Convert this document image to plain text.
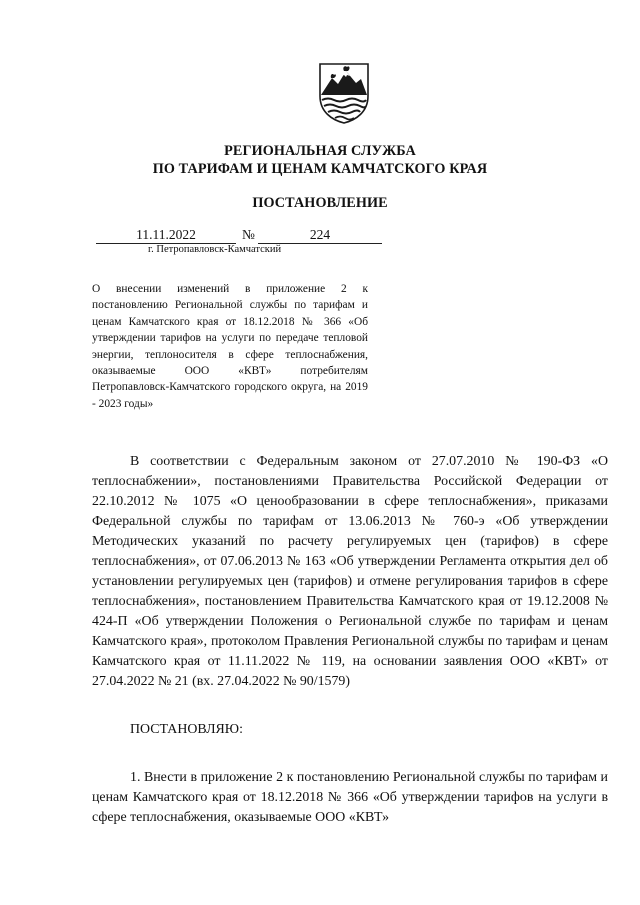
РЕГИОНАЛЬНАЯ СЛУЖБА
ПО ТАРИФАМ И ЦЕНАМ КАМЧАТСКОГО КРАЯ
ПОСТАНОВЛЕНИЕ
11.11.2022	№	224
г. Петропавловск-Камчатский
О внесении изменений в приложение 2 к постановлению Региональной службы по тарифам и ценам Камчатского края от 18.12.2018 № 366 «Об утверждении тарифов на услуги по передаче тепловой энергии, теплоносителя в сфере теплоснабжения, оказываемые ООО «КВТ» потребителям Петропавловск-Камчатского городского округа, на 2019 - 2023 годы»
В соответствии с Федеральным законом от 27.07.2010 № 190-ФЗ «О теплоснабжении», постановлениями Правительства Российской Федерации от 22.10.2012 № 1075 «О ценообразовании в сфере теплоснабжения», приказами Федеральной службы по тарифам от 13.06.2013 № 760-э «Об утверждении Методических указаний по расчету регулируемых цен (тарифов) в сфере теплоснабжения», от 07.06.2013 № 163 «Об утверждении Регламента открытия дел об установлении регулируемых цен (тарифов) и отмене регулирования тарифов в сфере теплоснабжения», постановлением Правительства Камчатского края от 19.12.2008 № 424-П «Об утверждении Положения о Региональной службе по тарифам и ценам Камчатского края», протоколом Правления Региональной службы по тарифам и ценам Камчатского края от 11.11.2022 № 119, на основании заявления ООО «КВТ» от 27.04.2022 № 21 (вх. 27.04.2022 № 90/1579)
ПОСТАНОВЛЯЮ:
1. Внести в приложение 2 к постановлению Региональной службы по тарифам и ценам Камчатского края от 18.12.2018 № 366 «Об утверждении тарифов на услуги в сфере теплоснабжения, оказываемые ООО «КВТ»
